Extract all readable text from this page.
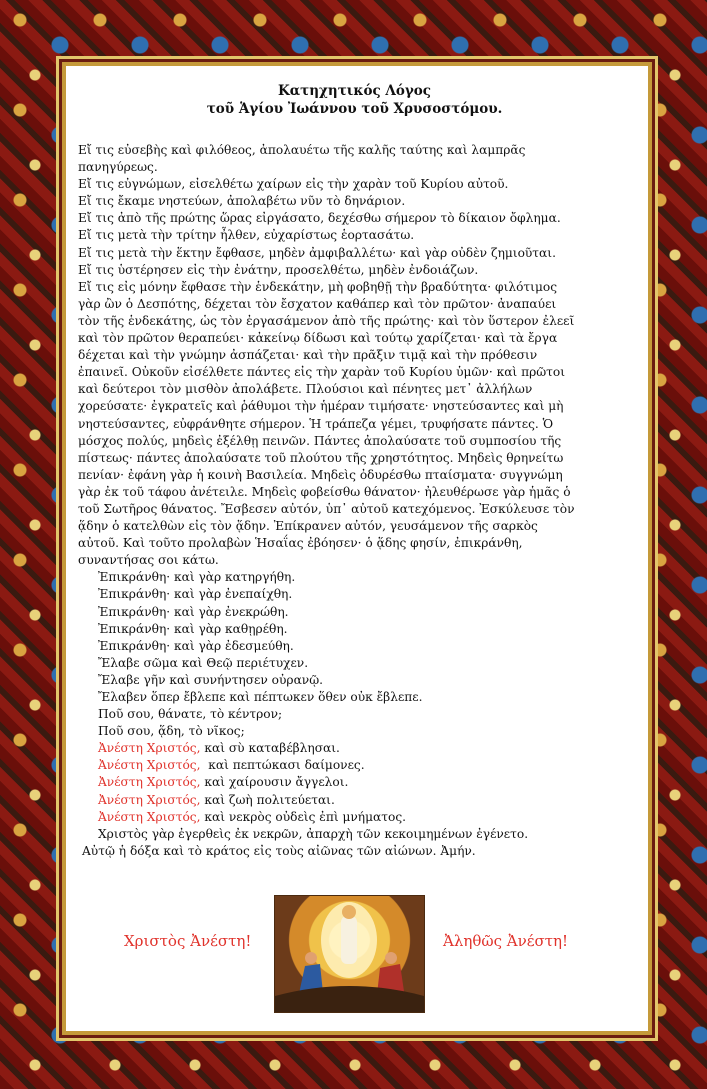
Κατηχητικός Λόγος
τοῦ Ἁγίου Ἰωάννου τοῦ Χρυσοστόμου.
Εἴ τις εὐσεβὴς καὶ φιλόθεος, ἀπολαυέτω τῆς καλῆς ταύτης καὶ λαμπρᾶς
πανηγύρεως.
Εἴ τις εὐγνώμων, εἰσελθέτω χαίρων εἰς τὴν χαρὰν τοῦ Κυρίου αὐτοῦ.
Εἴ τις ἔκαμε νηστεύων, ἀπολαβέτω νῦν τὸ δηνάριον.
Εἴ τις ἀπὸ τῆς πρώτης ὥρας εἰργάσατο, δεχέσθω σήμερον τὸ δίκαιον ὄφλημα.
Εἴ τις μετὰ τὴν τρίτην ἦλθεν, εὐχαρίστως ἑορτασάτω.
Εἴ τις μετὰ τὴν ἕκτην ἔφθασε, μηδὲν ἀμφιβαλλέτω· καὶ γὰρ οὐδὲν ζημιοῦται.
Εἴ τις ὑστέρησεν εἰς τὴν ἐνάτην, προσελθέτω, μηδὲν ἐνδοιάζων.
Εἴ τις εἰς μόνην ἔφθασε τὴν ἑνδεκάτην, μὴ φοβηθῇ τὴν βραδύτητα· φιλότιμος
γὰρ ὢν ὁ Δεσπότης, δέχεται τὸν ἔσχατον καθάπερ καὶ τὸν πρῶτον· ἀναπαύει
τὸν τῆς ἑνδεκάτης, ὡς τὸν ἐργασάμενον ἀπὸ τῆς πρώτης· καὶ τὸν ὕστερον ἐλεεῖ
καὶ τὸν πρῶτον θεραπεύει· κἀκείνῳ δίδωσι καὶ τούτῳ χαρίζεται· καὶ τὰ ἔργα
δέχεται καὶ τὴν γνώμην ἀσπάζεται· καὶ τὴν πρᾶξιν τιμᾷ καὶ τὴν πρόθεσιν
ἐπαινεῖ. Οὐκοῦν εἰσέλθετε πάντες εἰς τὴν χαρὰν τοῦ Κυρίου ὑμῶν· καὶ πρῶτοι
καὶ δεύτεροι τὸν μισθὸν ἀπολάβετε. Πλούσιοι καὶ πένητες μετ᾽ ἀλλήλων
χορεύσατε· ἐγκρατεῖς καὶ ῥάθυμοι τὴν ἡμέραν τιμήσατε· νηστεύσαντες καὶ μὴ
νηστεύσαντες, εὐφράνθητε σήμερον. Ἡ τράπεζα γέμει, τρυφήσατε πάντες. Ὁ
μόσχος πολύς, μηδεὶς ἐξέλθῃ πεινῶν. Πάντες ἀπολαύσατε τοῦ συμποσίου τῆς
πίστεως· πάντες ἀπολαύσατε τοῦ πλούτου τῆς χρηστότητος. Μηδεὶς θρηνείτω
πενίαν· ἐφάνη γὰρ ἡ κοινὴ Βασιλεία. Μηδεὶς ὀδυρέσθω πταίσματα· συγγνώμη
γὰρ ἐκ τοῦ τάφου ἀνέτειλε. Μηδεὶς φοβείσθω θάνατον· ἠλευθέρωσε γὰρ ἡμᾶς ὁ
τοῦ Σωτῆρος θάνατος. Ἔσβεσεν αὐτόν, ὑπ᾽ αὐτοῦ κατεχόμενος. Ἐσκύλευσε τὸν
ᾅδην ὁ κατελθὼν εἰς τὸν ᾅδην. Ἐπίκρανεν αὐτόν, γευσάμενον τῆς σαρκὸς
αὐτοῦ. Καὶ τοῦτο προλαβὼν Ἡσαΐας ἐβόησεν· ὁ ᾅδης φησίν, ἐπικράνθη,
συναντήσας σοι κάτω.
Ἐπικράνθη· καὶ γὰρ κατηργήθη.
Ἐπικράνθη· καὶ γὰρ ἐνεπαίχθη.
Ἐπικράνθη· καὶ γὰρ ἐνεκρώθη.
Ἐπικράνθη· καὶ γὰρ καθῃρέθη.
Ἐπικράνθη· καὶ γὰρ ἐδεσμεύθη.
Ἔλαβε σῶμα καὶ Θεῷ περιέτυχεν.
Ἔλαβε γῆν καὶ συνήντησεν οὐρανῷ.
Ἔλαβεν ὅπερ ἔβλεπε καὶ πέπτωκεν ὅθεν οὐκ ἔβλεπε.
Ποῦ σου, θάνατε, τὸ κέντρον;
Ποῦ σου, ᾅδη, τὸ νῖκος;
Ἀνέστη Χριστός, καὶ σὺ καταβέβλησαι.
Ἀνέστη Χριστός,  καὶ πεπτώκασι δαίμονες.
Ἀνέστη Χριστός, καὶ χαίρουσιν ἄγγελοι.
Ἀνέστη Χριστός, καὶ ζωὴ πολιτεύεται.
Ἀνέστη Χριστός, καὶ νεκρὸς οὐδεὶς ἐπὶ μνήματος.
Χριστὸς γὰρ ἐγερθεὶς ἐκ νεκρῶν, ἀπαρχὴ τῶν κεκοιμημένων ἐγένετο.
Αὐτῷ ἡ δόξα καὶ τὸ κράτος εἰς τοὺς αἰῶνας τῶν αἰώνων. Ἀμήν.
Χριστὸς Ἀνέστη!	Ἀληθῶς Ἀνέστη!
